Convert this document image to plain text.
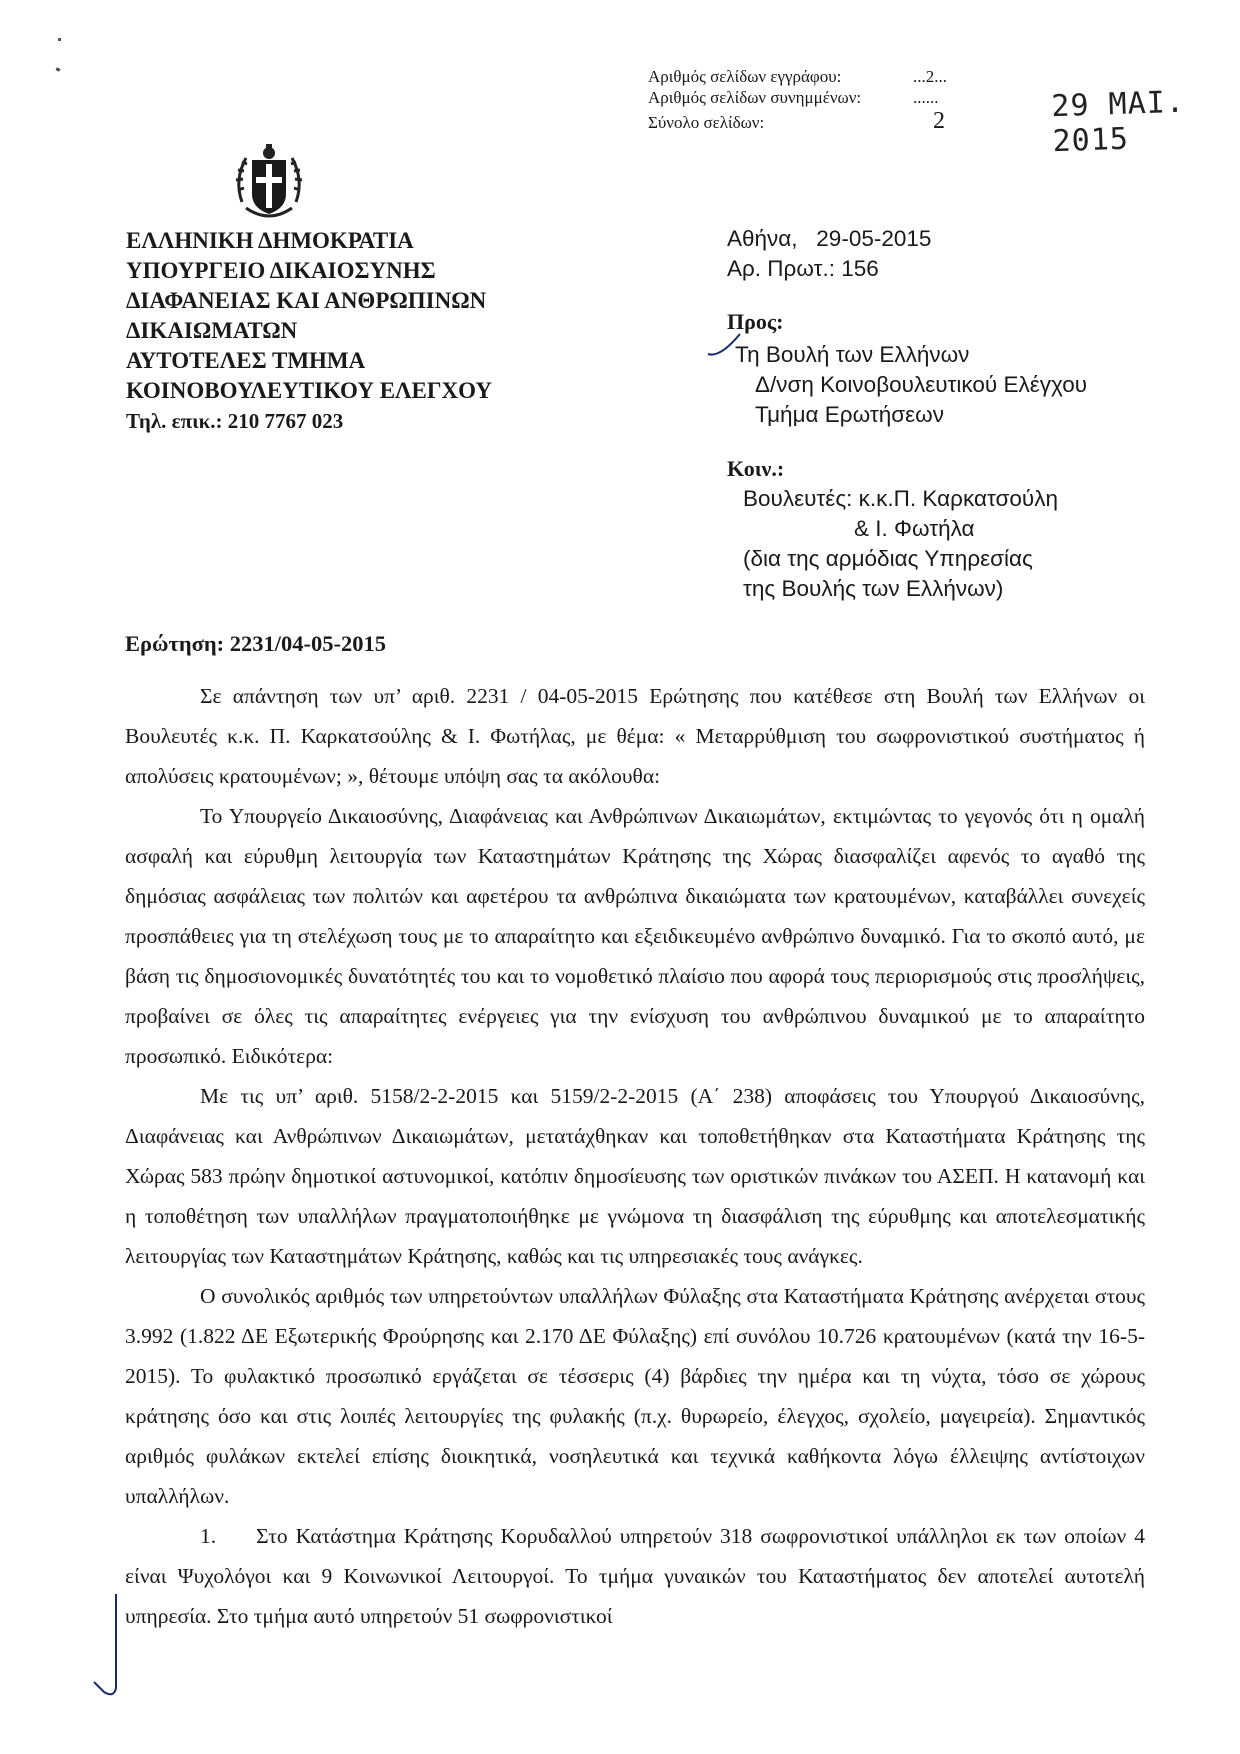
Αριθμός σελίδων εγγράφου:	...2...
Αριθμός σελίδων συνημμένων:	......
Σύνολο σελίδων:	2	29 MAI. 2015
ΕΛΛΗΝΙΚΗ ΔΗΜΟΚΡΑΤΙΑ
ΥΠΟΥΡΓΕΙΟ ΔΙΚΑΙΟΣΥΝΗΣ
ΔΙΑΦΑΝΕΙΑΣ ΚΑΙ ΑΝΘΡΩΠΙΝΩΝ
ΔΙΚΑΙΩΜΑΤΩΝ
ΑΥΤΟΤΕΛΕΣ ΤΜΗΜΑ
ΚΟΙΝΟΒΟΥΛΕΥΤΙΚΟΥ ΕΛΕΓΧΟΥ
Τηλ. επικ.: 210 7767 023
Αθήνα,   29-05-2015
Αρ. Πρωτ.: 156
Προς:
Τη Βουλή των Ελλήνων
Δ/νση Κοινοβουλευτικού Ελέγχου
Τμήμα Ερωτήσεων
Κοιν.:
Βουλευτές: κ.κ.Π. Καρκατσούλη
& Ι. Φωτήλα
(δια της αρμόδιας Υπηρεσίας
της Βουλής των Ελλήνων)
Ερώτηση: 2231/04-05-2015

Σε απάντηση των υπ’ αριθ. 2231 / 04-05-2015 Ερώτησης που κατέθεσε στη Βουλή των Ελλήνων οι Βουλευτές κ.κ. Π. Καρκατσούλης & Ι. Φωτήλας, με θέμα: « Μεταρρύθμιση του σωφρονιστικού συστήματος ή απολύσεις κρατουμένων; », θέτουμε υπόψη σας τα ακόλουθα:

Το Υπουργείο Δικαιοσύνης, Διαφάνειας και Ανθρώπινων Δικαιωμάτων, εκτιμώντας το γεγονός ότι η ομαλή ασφαλή και εύρυθμη λειτουργία των Καταστημάτων Κράτησης της Χώρας διασφαλίζει αφενός το αγαθό της δημόσιας ασφάλειας των πολιτών και αφετέρου τα ανθρώπινα δικαιώματα των κρατουμένων, καταβάλλει συνεχείς προσπάθειες για τη στελέχωση τους με το απαραίτητο και εξειδικευμένο ανθρώπινο δυναμικό. Για το σκοπό αυτό, με βάση τις δημοσιονομικές δυνατότητές του και το νομοθετικό πλαίσιο που αφορά τους περιορισμούς στις προσλήψεις, προβαίνει σε όλες τις απαραίτητες ενέργειες για την ενίσχυση του ανθρώπινου δυναμικού με το απαραίτητο προσωπικό. Ειδικότερα:

Με τις υπ’ αριθ. 5158/2-2-2015 και 5159/2-2-2015 (Α΄ 238) αποφάσεις του Υπουργού Δικαιοσύνης, Διαφάνειας και Ανθρώπινων Δικαιωμάτων, μετατάχθηκαν και τοποθετήθηκαν στα Καταστήματα Κράτησης της Χώρας 583 πρώην δημοτικοί αστυνομικοί, κατόπιν δημοσίευσης των οριστικών πινάκων του ΑΣΕΠ. Η κατανομή και η τοποθέτηση των υπαλλήλων πραγματοποιήθηκε με γνώμονα τη διασφάλιση της εύρυθμης και αποτελεσματικής λειτουργίας των Καταστημάτων Κράτησης, καθώς και τις υπηρεσιακές τους ανάγκες.

Ο συνολικός αριθμός των υπηρετούντων υπαλλήλων Φύλαξης στα Καταστήματα Κράτησης ανέρχεται στους 3.992 (1.822 ΔΕ Εξωτερικής Φρούρησης και 2.170 ΔΕ Φύλαξης) επί συνόλου 10.726 κρατουμένων (κατά την 16-5-2015). Το φυλακτικό προσωπικό εργάζεται σε τέσσερις (4) βάρδιες την ημέρα και τη νύχτα, τόσο σε χώρους κράτησης όσο και στις λοιπές λειτουργίες της φυλακής (π.χ. θυρωρείο, έλεγχος, σχολείο, μαγειρεία). Σημαντικός αριθμός φυλάκων εκτελεί επίσης διοικητικά, νοσηλευτικά και τεχνικά καθήκοντα λόγω έλλειψης αντίστοιχων υπαλλήλων.

1. Στο Κατάστημα Κράτησης Κορυδαλλού υπηρετούν 318 σωφρονιστικοί υπάλληλοι εκ των οποίων 4 είναι Ψυχολόγοι και 9 Κοινωνικοί Λειτουργοί. Το τμήμα γυναικών του Καταστήματος δεν αποτελεί αυτοτελή υπηρεσία. Στο τμήμα αυτό υπηρετούν 51 σωφρονιστικοί
